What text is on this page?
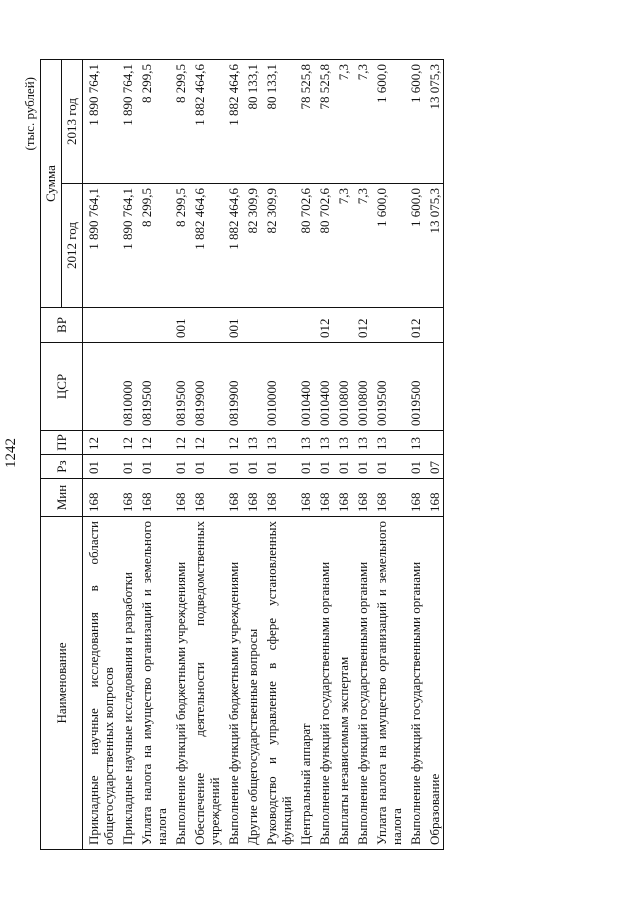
1242
(тыс. рублей)
Наименование	Мин	Рз	ПР	ЦСР	ВР	Сумма	
						2012 год	2013 год
Прикладные научные исследования в области общегосударственных вопросов	168	01	12			1 890 764,1	1 890 764,1
Прикладные научные исследования и разработки	168	01	12	0810000		1 890 764,1	1 890 764,1
Уплата налога на имущество организаций и земельного налога	168	01	12	0819500		8 299,5	8 299,5
Выполнение функций бюджетными учреждениями	168	01	12	0819500	001	8 299,5	8 299,5
Обеспечение деятельности подведомственных учреждений	168	01	12	0819900		1 882 464,6	1 882 464,6
Выполнение функций бюджетными учреждениями	168	01	12	0819900	001	1 882 464,6	1 882 464,6
Другие общегосударственные вопросы	168	01	13			82 309,9	80 133,1
Руководство и управление в сфере установленных функций	168	01	13	0010000		82 309,9	80 133,1
Центральный аппарат	168	01	13	0010400		80 702,6	78 525,8
Выполнение функций государственными органами	168	01	13	0010400	012	80 702,6	78 525,8
Выплаты независимым экспертам	168	01	13	0010800		7,3	7,3
Выполнение функций государственными органами	168	01	13	0010800	012	7,3	7,3
Уплата налога на имущество организаций и земельного налога	168	01	13	0019500		1 600,0	1 600,0
Выполнение функций государственными органами	168	01	13	0019500	012	1 600,0	1 600,0
Образование	168	07				13 075,3	13 075,3
